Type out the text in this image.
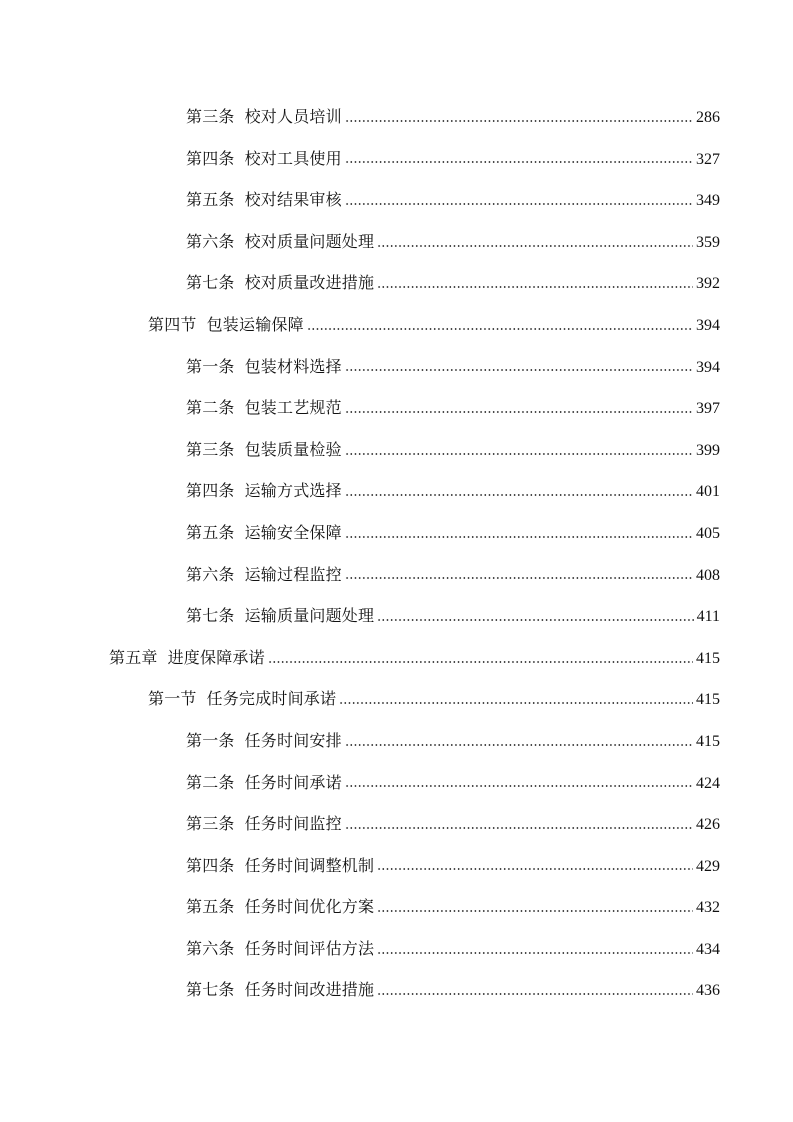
第三条 校对人员培训	286
第四条 校对工具使用	327
第五条 校对结果审核	349
第六条 校对质量问题处理	359
第七条 校对质量改进措施	392
第四节 包装运输保障	394
第一条 包装材料选择	394
第二条 包装工艺规范	397
第三条 包装质量检验	399
第四条 运输方式选择	401
第五条 运输安全保障	405
第六条 运输过程监控	408
第七条 运输质量问题处理	411
第五章 进度保障承诺	415
第一节 任务完成时间承诺	415
第一条 任务时间安排	415
第二条 任务时间承诺	424
第三条 任务时间监控	426
第四条 任务时间调整机制	429
第五条 任务时间优化方案	432
第六条 任务时间评估方法	434
第七条 任务时间改进措施	436
